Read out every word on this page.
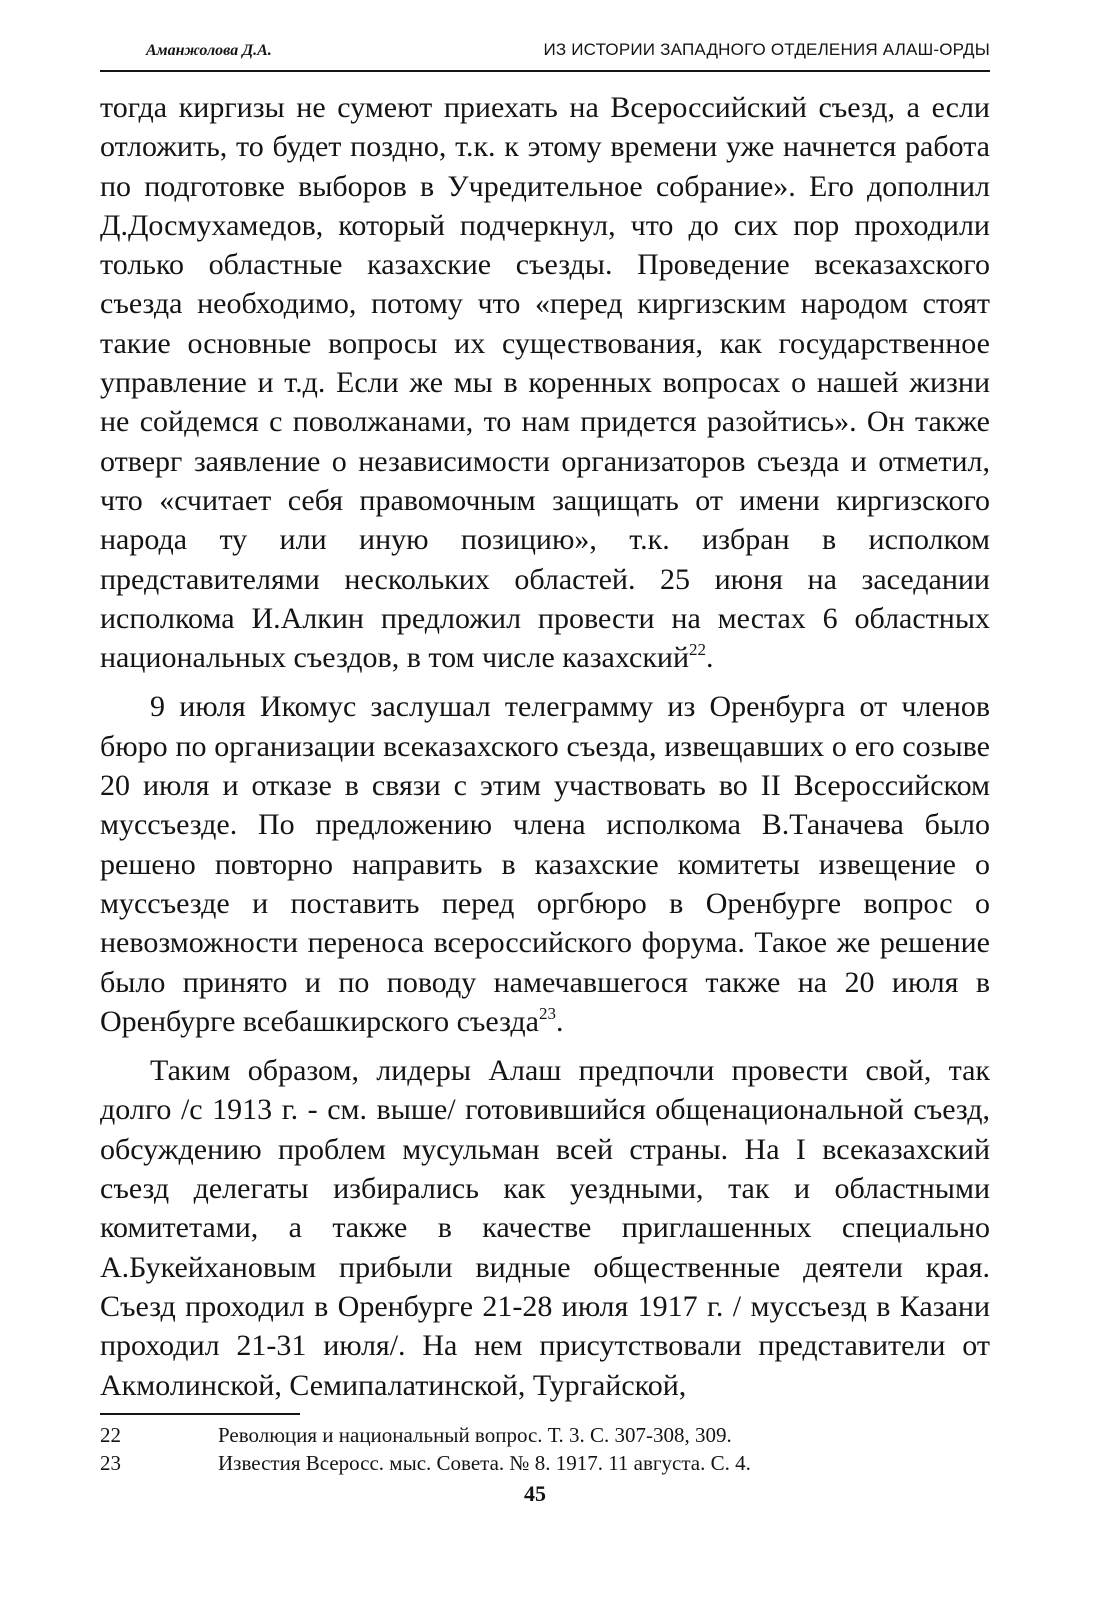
Аманжолова Д.А.	ИЗ ИСТОРИИ ЗАПАДНОГО ОТДЕЛЕНИЯ АЛАШ-ОРДЫ

тогда киргизы не сумеют приехать на Всероссийский съезд, а если отложить, то будет поздно, т.к. к этому времени уже начнется работа по подготовке выборов в Учредительное собрание». Его дополнил Д.Досмухамедов, который подчеркнул, что до сих пор проходили только областные казахские съезды. Проведение всеказахского съезда необходимо, потому что «перед киргизским народом стоят такие основные вопросы их существования, как государственное управление и т.д. Если же мы в коренных вопросах о нашей жизни не сойдемся с поволжанами, то нам придется разойтись». Он также отверг заявление о независимости организаторов съезда и отметил, что «считает себя правомочным защищать от имени киргизского народа ту или иную позицию», т.к. избран в исполком представителями нескольких областей. 25 июня на заседании исполкома И.Алкин предложил провести на местах 6 областных национальных съездов, в том числе казахский$^{22}$.

9 июля Икомус заслушал телеграмму из Оренбурга от членов бюро по организации всеказахского съезда, извещавших о его созыве 20 июля и отказе в связи с этим участвовать во II Всероссийском муссъезде. По предложению члена исполкома В.Таначева было решено повторно направить в казахские комитеты извещение о муссъезде и поставить перед оргбюро в Оренбурге вопрос о невозможности переноса всероссийского форума. Такое же решение было принято и по поводу намечавшегося также на 20 июля в Оренбурге всебашкирского съезда$^{23}$.

Таким образом, лидеры Алаш предпочли провести свой, так долго /с 1913 г. - см. выше/ готовившийся общенациональной съезд, обсуждению проблем мусульман всей страны. На I всеказахский съезд делегаты избирались как уездными, так и областными комитетами, а также в качестве приглашенных специально А.Букейхановым прибыли видные общественные деятели края. Съезд проходил в Оренбурге 21-28 июля 1917 г. / муссъезд в Казани проходил 21-31 июля/. На нем присутствовали представители от Акмолинской, Семипалатинской, Тургайской,

22	Революция и национальный вопрос. Т. 3. С. 307-308, 309.
23	Известия Всеросс. мыс. Совета. № 8. 1917. 11 августа. С. 4.
45
